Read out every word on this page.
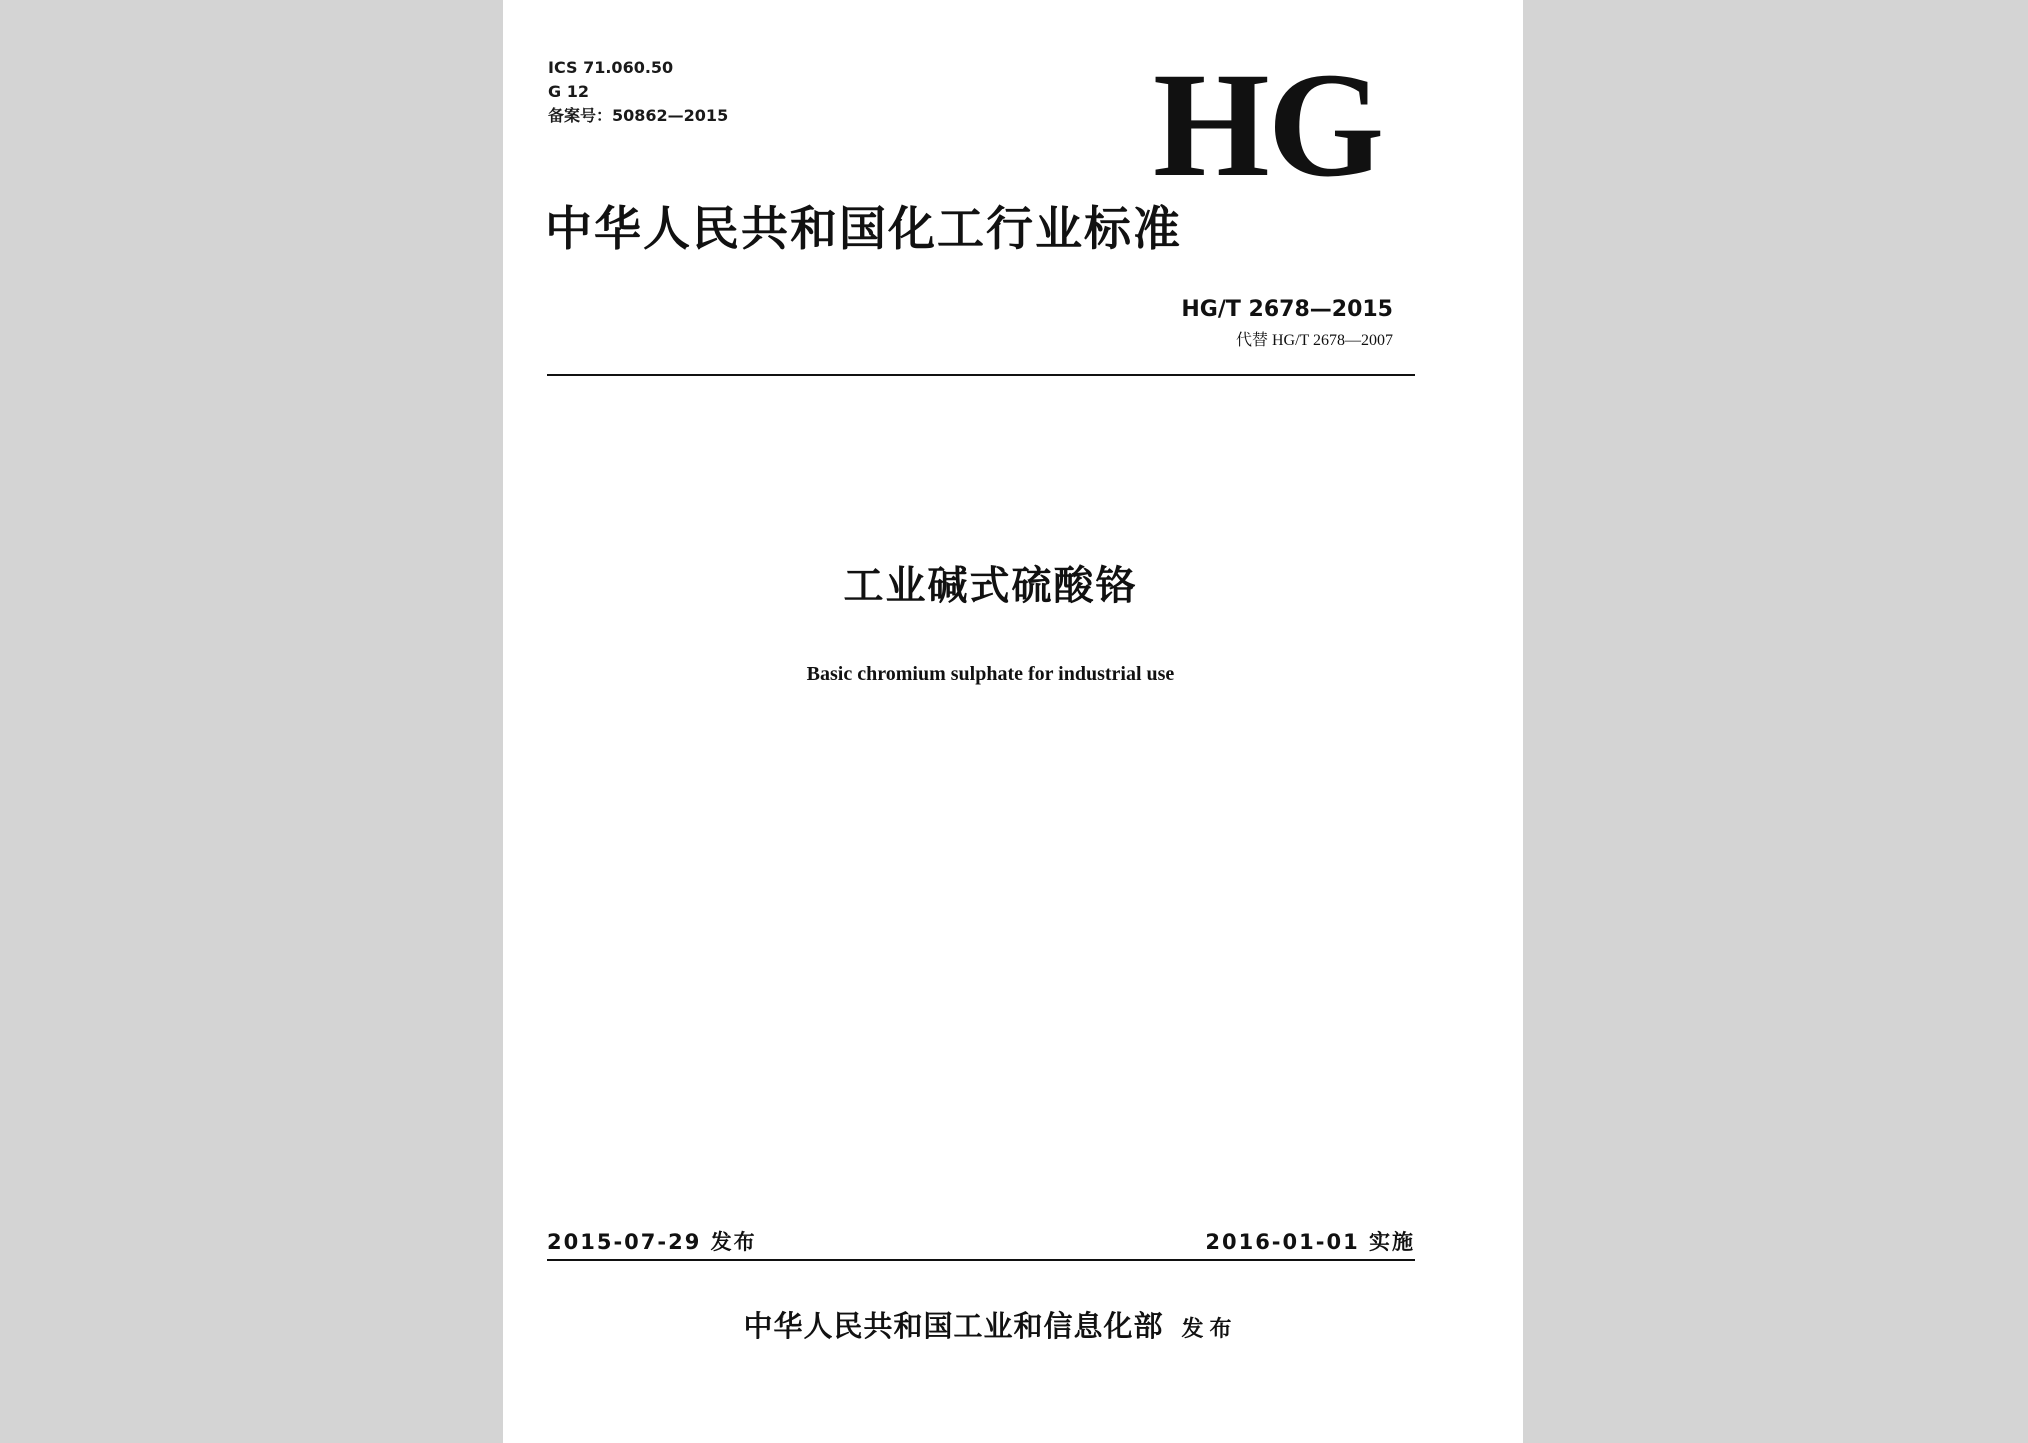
ICS 71.060.50
G 12
备案号：50862—2015	HG
中华人民共和国化工行业标准
HG/T 2678—2015
代替 HG/T 2678—2007
工业碱式硫酸铬
Basic chromium sulphate for industrial use
2015-07-29 发布	2016-01-01 实施
中华人民共和国工业和信息化部 发布
